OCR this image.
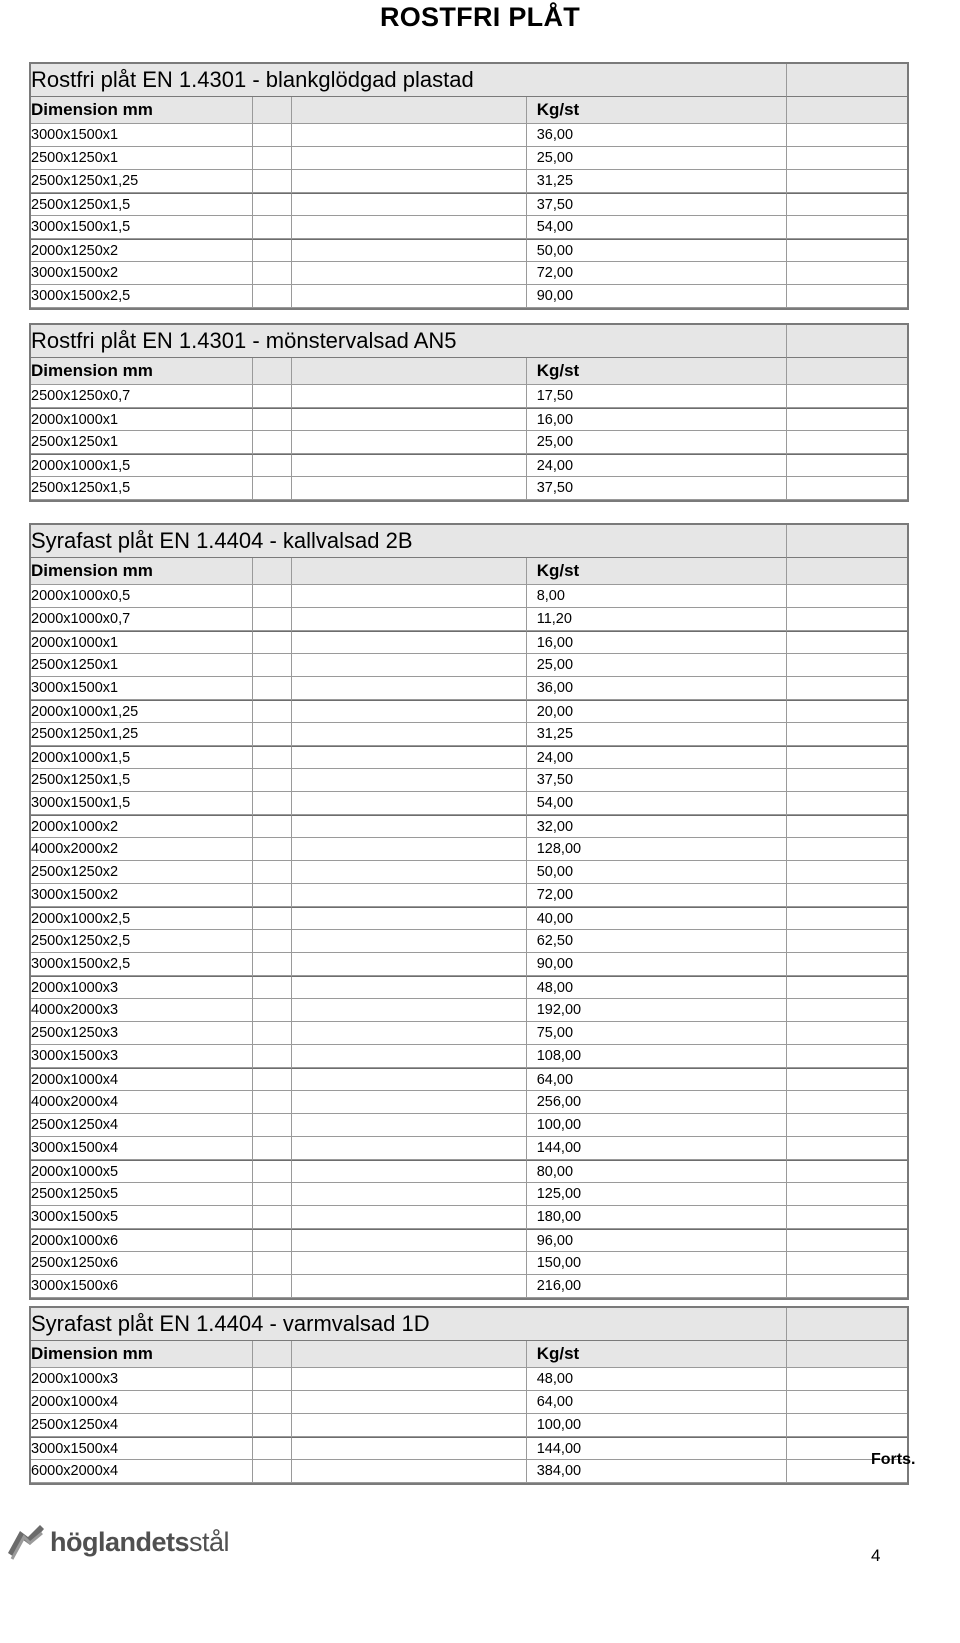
ROSTFRI PLÅT
Rostfri plåt EN 1.4301 - blankglödgad plastad
Dimension mm	Kg/st
3000x1500x1	36,00
2500x1250x1	25,00
2500x1250x1,25	31,25
2500x1250x1,5	37,50
3000x1500x1,5	54,00
2000x1250x2	50,00
3000x1500x2	72,00
3000x1500x2,5	90,00
Rostfri plåt EN 1.4301 - mönstervalsad AN5
Dimension mm	Kg/st
2500x1250x0,7	17,50
2000x1000x1	16,00
2500x1250x1	25,00
2000x1000x1,5	24,00
2500x1250x1,5	37,50
Syrafast plåt EN 1.4404 - kallvalsad 2B
Dimension mm	Kg/st
2000x1000x0,5	8,00
2000x1000x0,7	11,20
2000x1000x1	16,00
2500x1250x1	25,00
3000x1500x1	36,00
2000x1000x1,25	20,00
2500x1250x1,25	31,25
2000x1000x1,5	24,00
2500x1250x1,5	37,50
3000x1500x1,5	54,00
2000x1000x2	32,00
4000x2000x2	128,00
2500x1250x2	50,00
3000x1500x2	72,00
2000x1000x2,5	40,00
2500x1250x2,5	62,50
3000x1500x2,5	90,00
2000x1000x3	48,00
4000x2000x3	192,00
2500x1250x3	75,00
3000x1500x3	108,00
2000x1000x4	64,00
4000x2000x4	256,00
2500x1250x4	100,00
3000x1500x4	144,00
2000x1000x5	80,00
2500x1250x5	125,00
3000x1500x5	180,00
2000x1000x6	96,00
2500x1250x6	150,00
3000x1500x6	216,00
Syrafast plåt EN 1.4404 - varmvalsad 1D
Dimension mm	Kg/st
2000x1000x3	48,00
2000x1000x4	64,00
2500x1250x4	100,00
3000x1500x4	144,00
6000x2000x4	384,00
Forts.
höglandetsstål	4
